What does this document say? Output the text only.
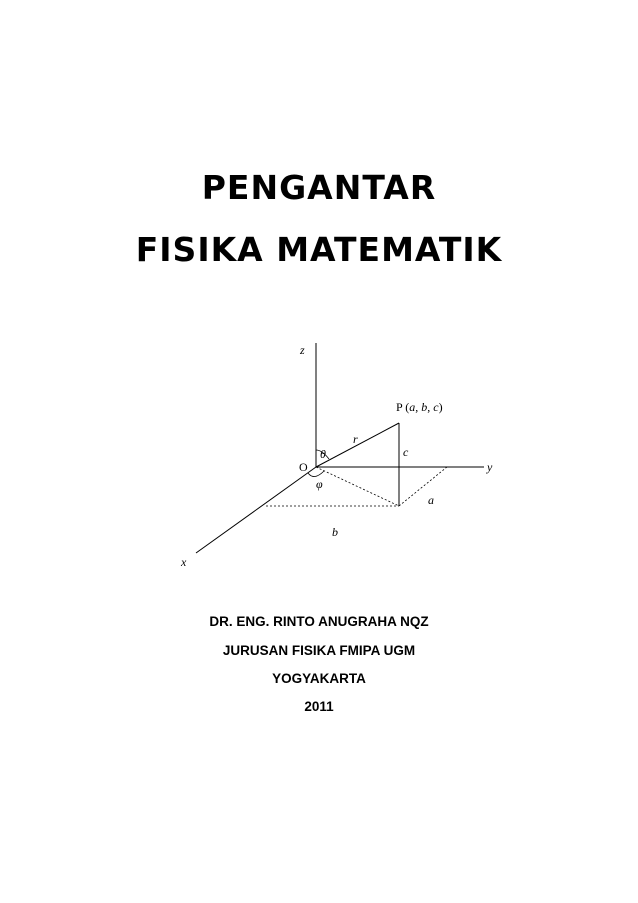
PENGANTAR
FISIKA MATEMATIK
z
y
x
O
P (a, b, c)
r
θ
φ
c
a
b
DR. ENG. RINTO ANUGRAHA NQZ
JURUSAN FISIKA FMIPA UGM
YOGYAKARTA
2011
